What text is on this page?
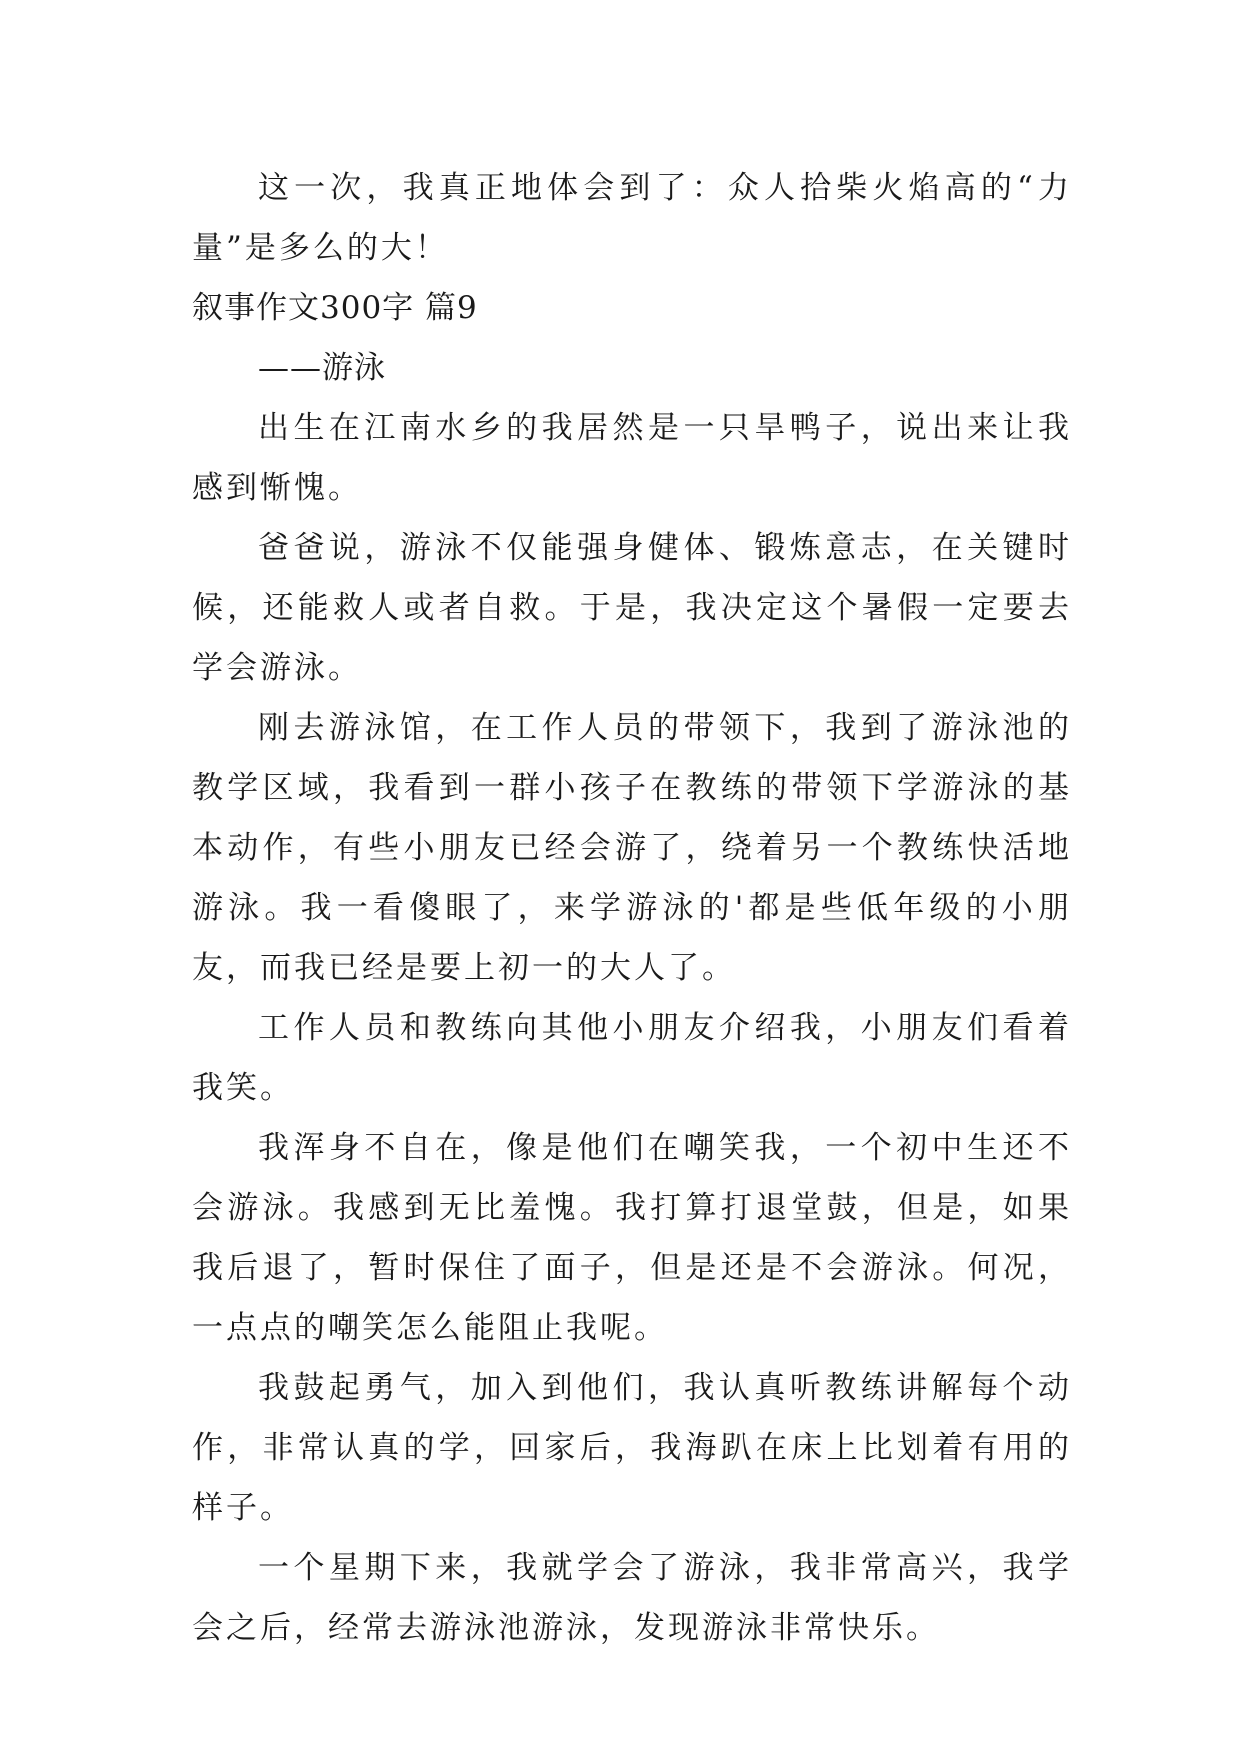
这一次，我真正地体会到了：众人拾柴火焰高的“力量”是多么的大！

叙事作文300字 篇9

——游泳

出生在江南水乡的我居然是一只旱鸭子，说出来让我感到惭愧。

爸爸说，游泳不仅能强身健体、锻炼意志，在关键时候，还能救人或者自救。于是，我决定这个暑假一定要去学会游泳。

刚去游泳馆，在工作人员的带领下，我到了游泳池的教学区域，我看到一群小孩子在教练的带领下学游泳的基本动作，有些小朋友已经会游了，绕着另一个教练快活地游泳。我一看傻眼了，来学游泳的'都是些低年级的小朋友，而我已经是要上初一的大人了。

工作人员和教练向其他小朋友介绍我，小朋友们看着我笑。

我浑身不自在，像是他们在嘲笑我，一个初中生还不会游泳。我感到无比羞愧。我打算打退堂鼓，但是，如果我后退了，暂时保住了面子，但是还是不会游泳。何况，一点点的嘲笑怎么能阻止我呢。

我鼓起勇气，加入到他们，我认真听教练讲解每个动作，非常认真的学，回家后，我海趴在床上比划着有用的样子。

一个星期下来，我就学会了游泳，我非常高兴，我学会之后，经常去游泳池游泳，发现游泳非常快乐。
